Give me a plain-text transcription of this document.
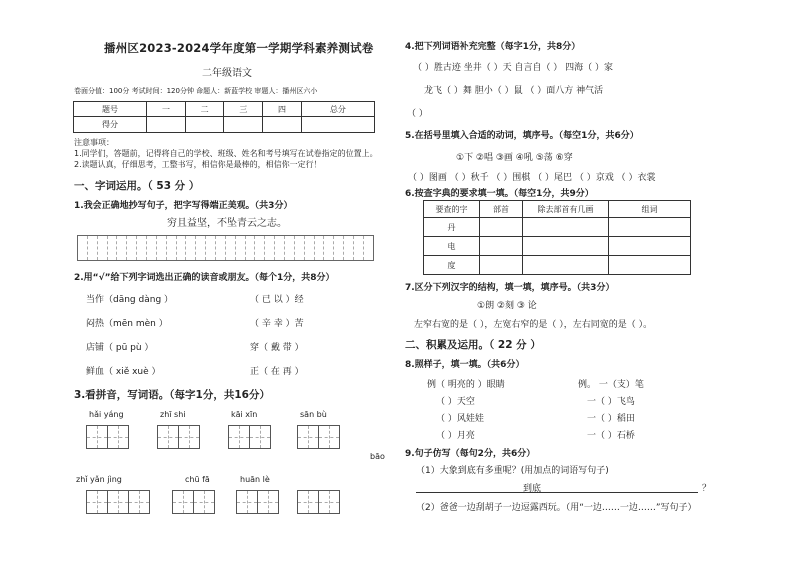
播州区2023-2024学年度第一学期学科素养测试卷
二年级语文
卷面分值：100分 考试时间：120分钟 命题人：新蓝学校 审题人：播州区六小
题号	一	二	三	四	总分
得分					
注意事项：
1.同学们，答题前，记得将自己的学校、班级、姓名和考号填写在试卷指定的位置上。
2.读题认真，仔细思考，工整书写，相信你是最棒的，相信你一定行！
一、字词运用。（ 53 分 ）
1.我会正确地抄写句子，把字写得端正美观。（共3分）
穷且益坚，不坠青云之志。
2.用“√”给下列字词选出正确的读音或朋友。（每个1分，共8分）
当作（dāng dàng ）	（ 已 以 ）经
闷热（mēn mèn ）	（ 辛 幸 ）苦
店铺（ pū pù ）	穿（ 戴 带 ）
鲜血（ xiě xuè ）	正（ 在 再 ）
3.看拼音，写词语。（每字1分，共16分）
hǎi yáng	zhī shi	kāi xīn	sān bù
bāo
zhǐ yǎn jìng	chū fā	huān lè
4.把下列词语补充完整（每字1分，共8分）
（ ）胜古迹 坐井（ ）天 自言自（ ） 四海（ ）家
龙飞（ ）舞 胆小（ ）鼠 （ ）面八方 神气活
（ ）
5.在括号里填入合适的动词，填序号。（每空1分，共6分）
①下 ②唱 ③画 ④吼 ⑤荡 ⑥穿
（ ）图画 （ ）秋千 （ ）围棋 （ ）尾巴 （ ）京戏 （ ）衣裳
6.按查字典的要求填一填。（每空1分，共9分）
要查的字	部首	除去部首有几画	组词
丹			
电			
度			
7.区分下列汉字的结构，填一填，填序号。（共3分）
①朗 ②刻 ③ 论
左窄右宽的是（ ），左宽右窄的是（ ），左右同宽的是（ ）。
二、积累及运用。（ 22 分 ）
8.照样子，填一填。（共6分）
例（ 明亮的 ）眼睛	例。 一（支）笔
（ ）天空	一（ ）飞鸟
（ ）风娃娃	一（ ）稻田
（ ）月亮	一（ ）石桥
9.句子仿写（每句2分，共6分）
（1）大象到底有多重呢？(用加点的词语写句子)
到底	？
（2）爸爸一边刮胡子一边逗露西玩。（用“一边……一边……”写句子）
